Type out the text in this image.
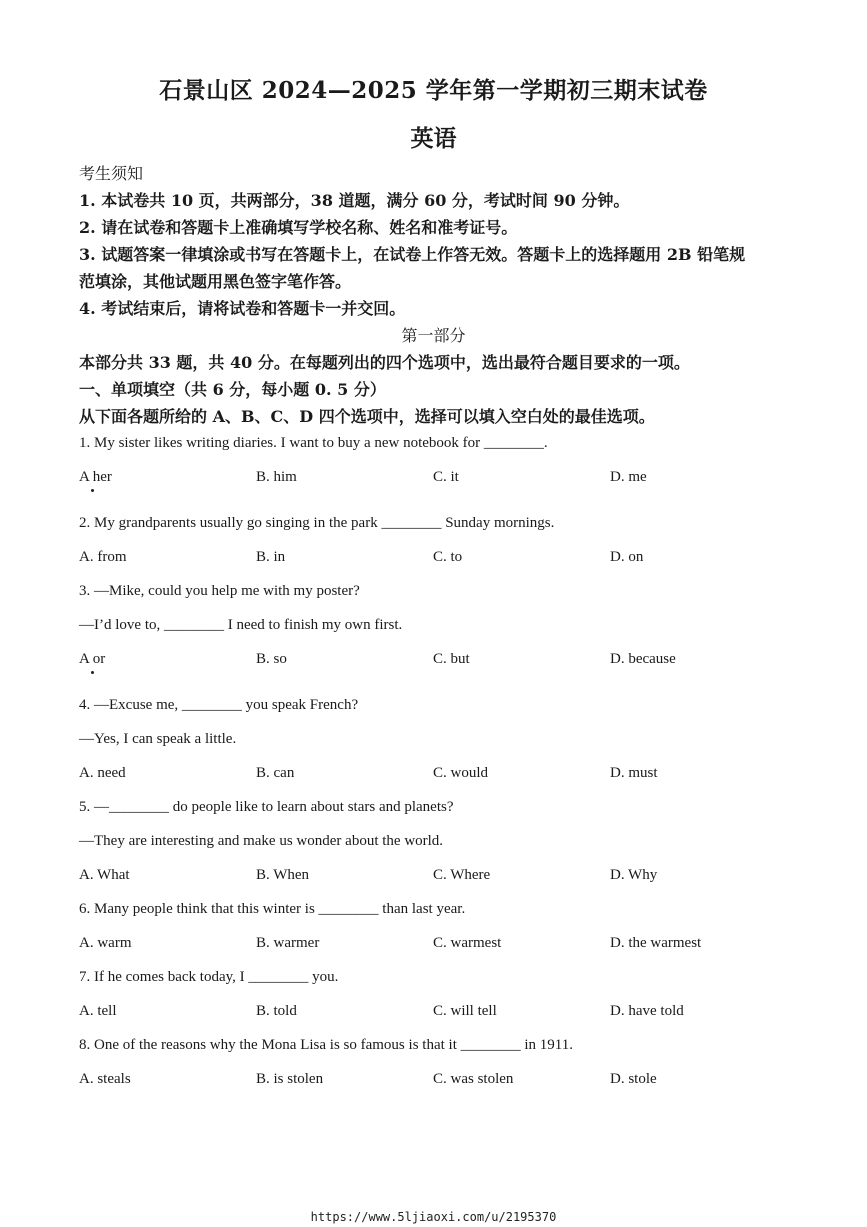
石景山区 2024—2025 学年第一学期初三期末试卷
英语
考生须知
1. 本试卷共 10 页，共两部分，38 道题，满分 60 分，考试时间 90 分钟。
2. 请在试卷和答题卡上准确填写学校名称、姓名和准考证号。
3. 试题答案一律填涂或书写在答题卡上，在试卷上作答无效。答题卡上的选择题用 2B 铅笔规
范填涂，其他试题用黑色签字笔作答。
4. 考试结束后，请将试卷和答题卡一并交回。
第一部分
本部分共 33 题，共 40 分。在每题列出的四个选项中，选出最符合题目要求的一项。
一、单项填空（共 6 分，每小题 0. 5 分）
从下面各题所给的 A、B、C、D 四个选项中，选择可以填入空白处的最佳选项。
1. My sister likes writing diaries. I want to buy a new notebook for ________.
A her	B. him	C. it	D. me
2. My grandparents usually go singing in the park ________ Sunday mornings.
A. from	B. in	C. to	D. on
3. —Mike, could you help me with my poster?
—I’d love to, ________ I need to finish my own first.
A or	B. so	C. but	D. because
4. —Excuse me, ________ you speak French?
—Yes, I can speak a little.
A. need	B. can	C. would	D. must
5. —________ do people like to learn about stars and planets?
—They are interesting and make us wonder about the world.
A. What	B. When	C. Where	D. Why
6. Many people think that this winter is ________ than last year.
A. warm	B. warmer	C. warmest	D. the warmest
7. If he comes back today, I ________ you.
A. tell	B. told	C. will tell	D. have told
8. One of the reasons why the Mona Lisa is so famous is that it ________ in 1911.
A. steals	B. is stolen	C. was stolen	D. stole
https://www.5ljiaoxi.com/u/2195370
